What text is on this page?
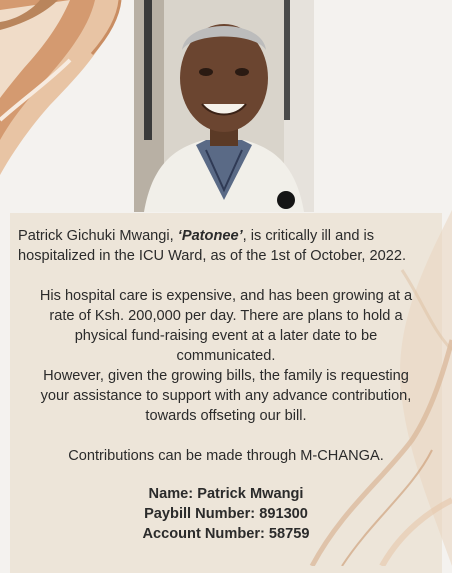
Patrick Gichuki Mwangi, ‘Patonee’, is critically ill and is hospitalized in the ICU Ward, as of the 1st of October, 2022.
His hospital care is expensive, and has been growing at a rate of Ksh. 200,000 per day. There are plans to hold a physical fund-raising event at a later date to be communicated.
However, given the growing bills, the family is requesting your assistance to support with any advance contribution, towards offseting our bill.
Contributions can be made through M-CHANGA.
Name: Patrick Mwangi
Paybill Number: 891300
Account Number: 58759
